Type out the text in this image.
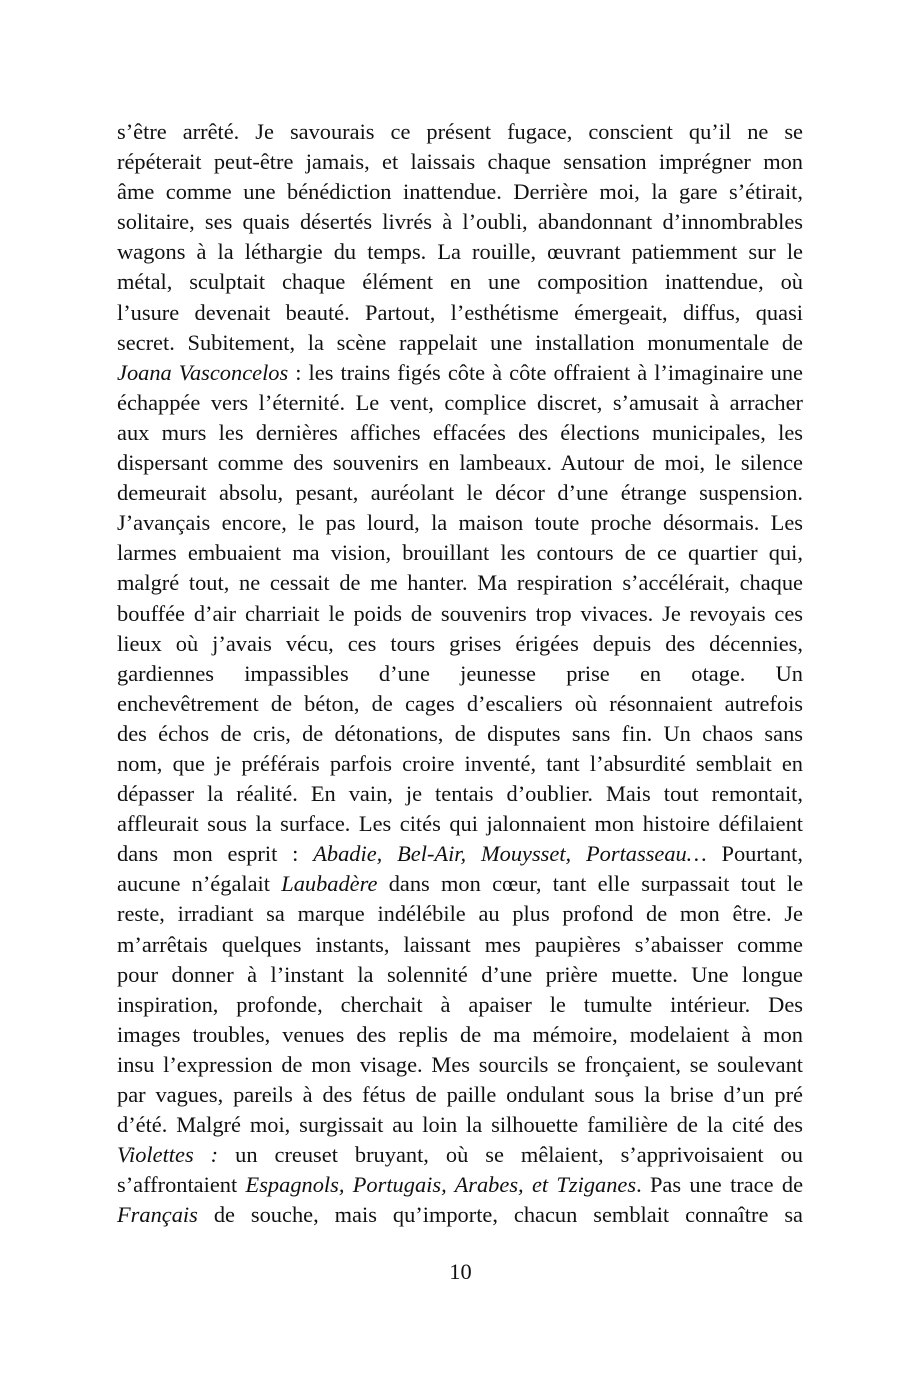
s’être arrêté. Je savourais ce présent fugace, conscient qu’il ne se
répéterait peut-être jamais, et laissais chaque sensation imprégner mon
âme comme une bénédiction inattendue. Derrière moi, la gare s’étirait,
solitaire, ses quais désertés livrés à l’oubli, abandonnant d’innombrables
wagons à la léthargie du temps. La rouille, œuvrant patiemment sur le
métal, sculptait chaque élément en une composition inattendue, où
l’usure devenait beauté. Partout, l’esthétisme émergeait, diffus, quasi
secret. Subitement, la scène rappelait une installation monumentale de
Joana Vasconcelos : les trains figés côte à côte offraient à l’imaginaire une
échappée vers l’éternité. Le vent, complice discret, s’amusait à arracher
aux murs les dernières affiches effacées des élections municipales, les
dispersant comme des souvenirs en lambeaux. Autour de moi, le silence
demeurait absolu, pesant, auréolant le décor d’une étrange suspension.
J’avançais encore, le pas lourd, la maison toute proche désormais. Les
larmes embuaient ma vision, brouillant les contours de ce quartier qui,
malgré tout, ne cessait de me hanter. Ma respiration s’accélérait, chaque
bouffée d’air charriait le poids de souvenirs trop vivaces. Je revoyais ces
lieux où j’avais vécu, ces tours grises érigées depuis des décennies,
gardiennes impassibles d’une jeunesse prise en otage. Un
enchevêtrement de béton, de cages d’escaliers où résonnaient autrefois
des échos de cris, de détonations, de disputes sans fin. Un chaos sans
nom, que je préférais parfois croire inventé, tant l’absurdité semblait en
dépasser la réalité. En vain, je tentais d’oublier. Mais tout remontait,
affleurait sous la surface. Les cités qui jalonnaient mon histoire défilaient
dans mon esprit : Abadie, Bel-Air, Mouysset, Portasseau… Pourtant,
aucune n’égalait Laubadère dans mon cœur, tant elle surpassait tout le
reste, irradiant sa marque indélébile au plus profond de mon être. Je
m’arrêtais quelques instants, laissant mes paupières s’abaisser comme
pour donner à l’instant la solennité d’une prière muette. Une longue
inspiration, profonde, cherchait à apaiser le tumulte intérieur. Des
images troubles, venues des replis de ma mémoire, modelaient à mon
insu l’expression de mon visage. Mes sourcils se fronçaient, se soulevant
par vagues, pareils à des fétus de paille ondulant sous la brise d’un pré
d’été. Malgré moi, surgissait au loin la silhouette familière de la cité des
Violettes : un creuset bruyant, où se mêlaient, s’apprivoisaient ou
s’affrontaient Espagnols, Portugais, Arabes, et Tziganes. Pas une trace de
Français de souche, mais qu’importe, chacun semblait connaître sa
10
